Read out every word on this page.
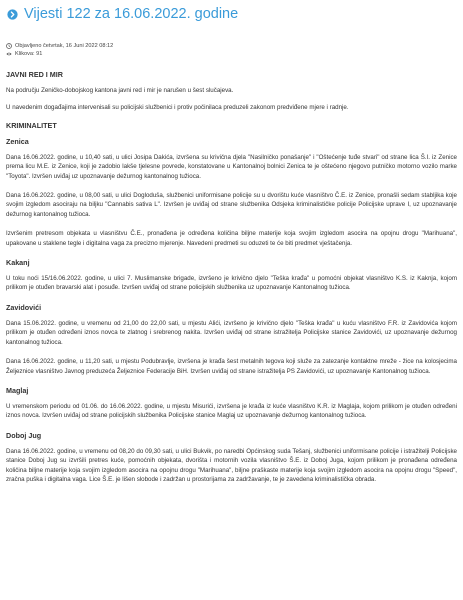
Vijesti 122 za 16.06.2022. godine
Objavljeno četvrtak, 16 Juni 2022 08:12
Klikova: 91
JAVNI RED I MIR

Na području Zeničko-dobojskog kantona javni red i mir je narušen u šest slučajeva.

U navedenim događajima intervenisali su policijski službenici i protiv počinilaca preduzeli zakonom predviđene mjere i radnje.

KRIMINALITET
Zenica

Dana 16.06.2022. godine, u 10,40 sati, u ulici Josipa Dakića, izvršena su krivična djela "Nasilničko ponašanje" i "Oštećenje tuđe stvari" od strane lica Š.I. iz Zenice prema licu M.E. iz Zenice, koji je zadobio lakše tjelesne povrede, konstatovane u Kantonalnoj bolnici Zenica te je oštećeno njegovo putničko motorno vozilo marke "Toyota". Izvršen uviđaj uz upoznavanje dežurnog kantonalnog tužioca.

Dana 16.06.2022. godine, u 08,00 sati, u ulici Dogloduša, službenici uniformisane policije su u dvorištu kuće vlasništvo Č.E. iz Zenice, pronašli sedam stabljika koje svojim izgledom asociraju na biljku "Cannabis sativa L". Izvršen je uviđaj od strane službenika Odsjeka kriminalističke policije Policijske uprave I, uz upoznavanje dežurnog kantonalnog tužioca.

Izvršenim pretresom objekata u vlasništvu Č.E., pronađena je određena količina biljne materije koja svojim izgledom asocira na opojnu drogu "Marihuana", upakovane u staklene tegle i digitalna vaga za precizno mjerenje. Navedeni predmeti su oduzeti te će biti predmet vještačenja.

Kakanj

U toku noći 15/16.06.2022. godine, u ulici 7. Muslimanske brigade, izvršeno je krivično djelo "Teška krađa" u pomoćni objekat vlasništvo K.S. iz Kaknja, kojom prilikom je otuđen bravarski alat i posuđe. Izvršen uviđaj od strane policijskih službenika uz upoznavanje Kantonalnog tužioca.

Zavidovići

Dana 15.06.2022. godine, u vremenu od 21,00 do 22,00 sati, u mjestu Alići, izvršeno je krivično djelo "Teška krađa" u kuću vlasništvo F.R. iz Zavidovića kojom prilikom je otuđen određeni iznos novca te zlatnog i srebrenog nakita. Izvršen uviđaj od strane istražitelja Policijske stanice Zavidovići, uz upoznavanje dežurnog kantonalnog tužioca.

Dana 16.06.2022. godine, u 11,20 sati, u mjestu Podubravlje, izvršena je krađa šest metalnih tegova koji služe za zatezanje kontaktne mreže - žice na kolosjecima Željeznice vlasništvo Javnog preduzeća Željeznice Federacije BiH. Izvršen uviđaj od strane istražitelja PS Zavidovići, uz upoznavanje Kantonalnog tužioca.

Maglaj

U vremenskom periodu od 01.06. do 16.06.2022. godine, u mjestu Misurići, izvršena je krađa iz kuće vlasništvo K.R. iz Maglaja, kojom prilikom je otuđen određeni iznos novca. Izvršen uviđaj od strane policijskih službenika Policijske stanice Maglaj uz upoznavanje dežurnog kantonalnog tužioca.

Doboj Jug

Dana 16.06.2022. godine, u vremenu od 08,20 do 09,30 sati, u ulici Bukvik, po naredbi Općinskog suda Tešanj, službenici uniformisane policije i istražitelji Policijske stanice Doboj Jug su izvršili pretres kuće, pomoćnih objekata, dvorišta i motornih vozila vlasništvo Š.E. iz Doboj Juga, kojom prilikom je pronađena određena količina biljne materije koja svojim izgledom asocira na opojnu drogu "Marihuana", biljne praškaste materije koja svojim izgledom asocira na opojnu drogu "Speed", zračna puška i digitalna vaga. Lice Š.E. je lišen slobode i zadržan u prostorijama za zadržavanje, te je zavedena kriminalistička obrada.
